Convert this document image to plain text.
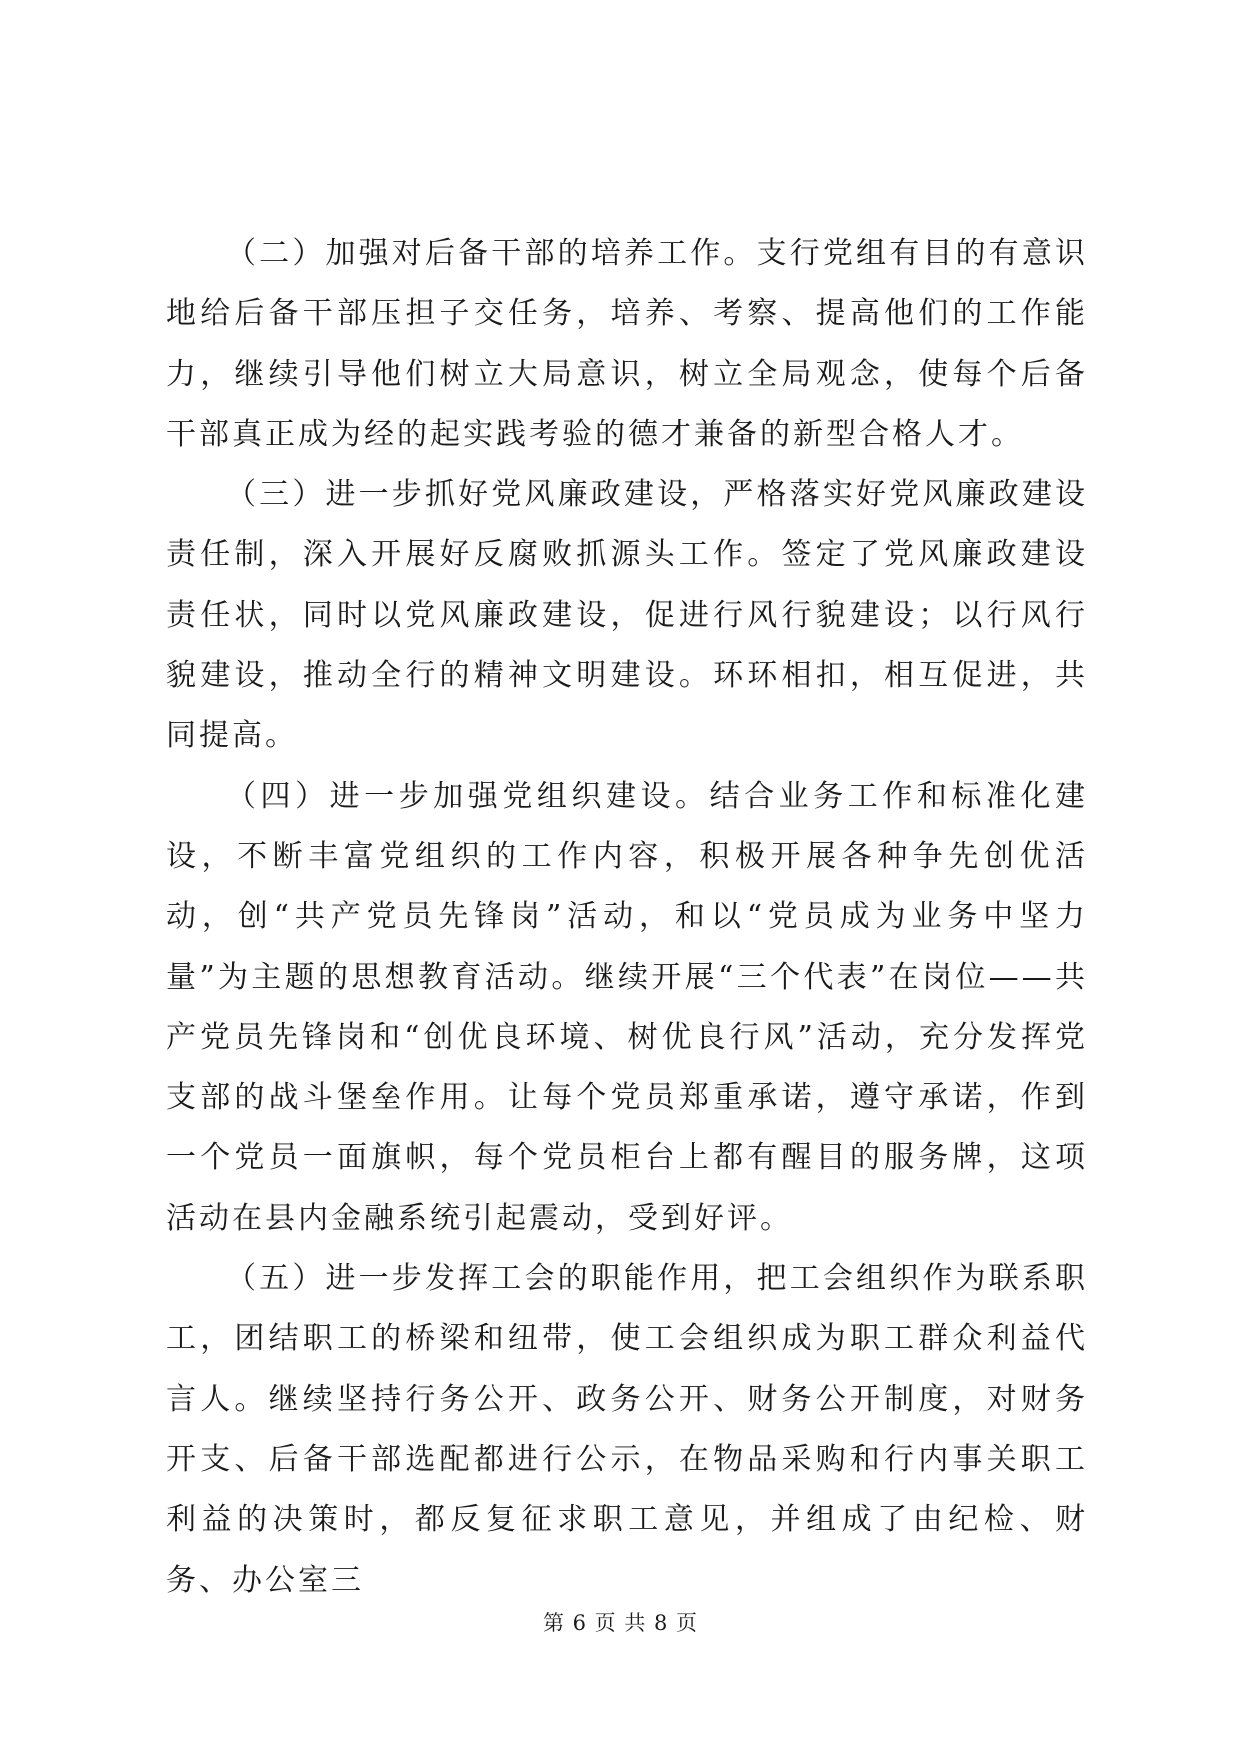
（二）加强对后备干部的培养工作。支行党组有目的有意识地给后备干部压担子交任务，培养、考察、提高他们的工作能力，继续引导他们树立大局意识，树立全局观念，使每个后备干部真正成为经的起实践考验的德才兼备的新型合格人才。

（三）进一步抓好党风廉政建设，严格落实好党风廉政建设责任制，深入开展好反腐败抓源头工作。签定了党风廉政建设责任状，同时以党风廉政建设，促进行风行貌建设；以行风行貌建设，推动全行的精神文明建设。环环相扣，相互促进，共同提高。

（四）进一步加强党组织建设。结合业务工作和标准化建设，不断丰富党组织的工作内容，积极开展各种争先创优活动，创“共产党员先锋岗”活动，和以“党员成为业务中坚力量”为主题的思想教育活动。继续开展“三个代表”在岗位——共产党员先锋岗和“创优良环境、树优良行风”活动，充分发挥党支部的战斗堡垒作用。让每个党员郑重承诺，遵守承诺，作到一个党员一面旗帜，每个党员柜台上都有醒目的服务牌，这项活动在县内金融系统引起震动，受到好评。

（五）进一步发挥工会的职能作用，把工会组织作为联系职工，团结职工的桥梁和纽带，使工会组织成为职工群众利益代言人。继续坚持行务公开、政务公开、财务公开制度，对财务开支、后备干部选配都进行公示，在物品采购和行内事关职工利益的决策时，都反复征求职工意见，并组成了由纪检、财务、办公室三

第 6 页 共 8 页
